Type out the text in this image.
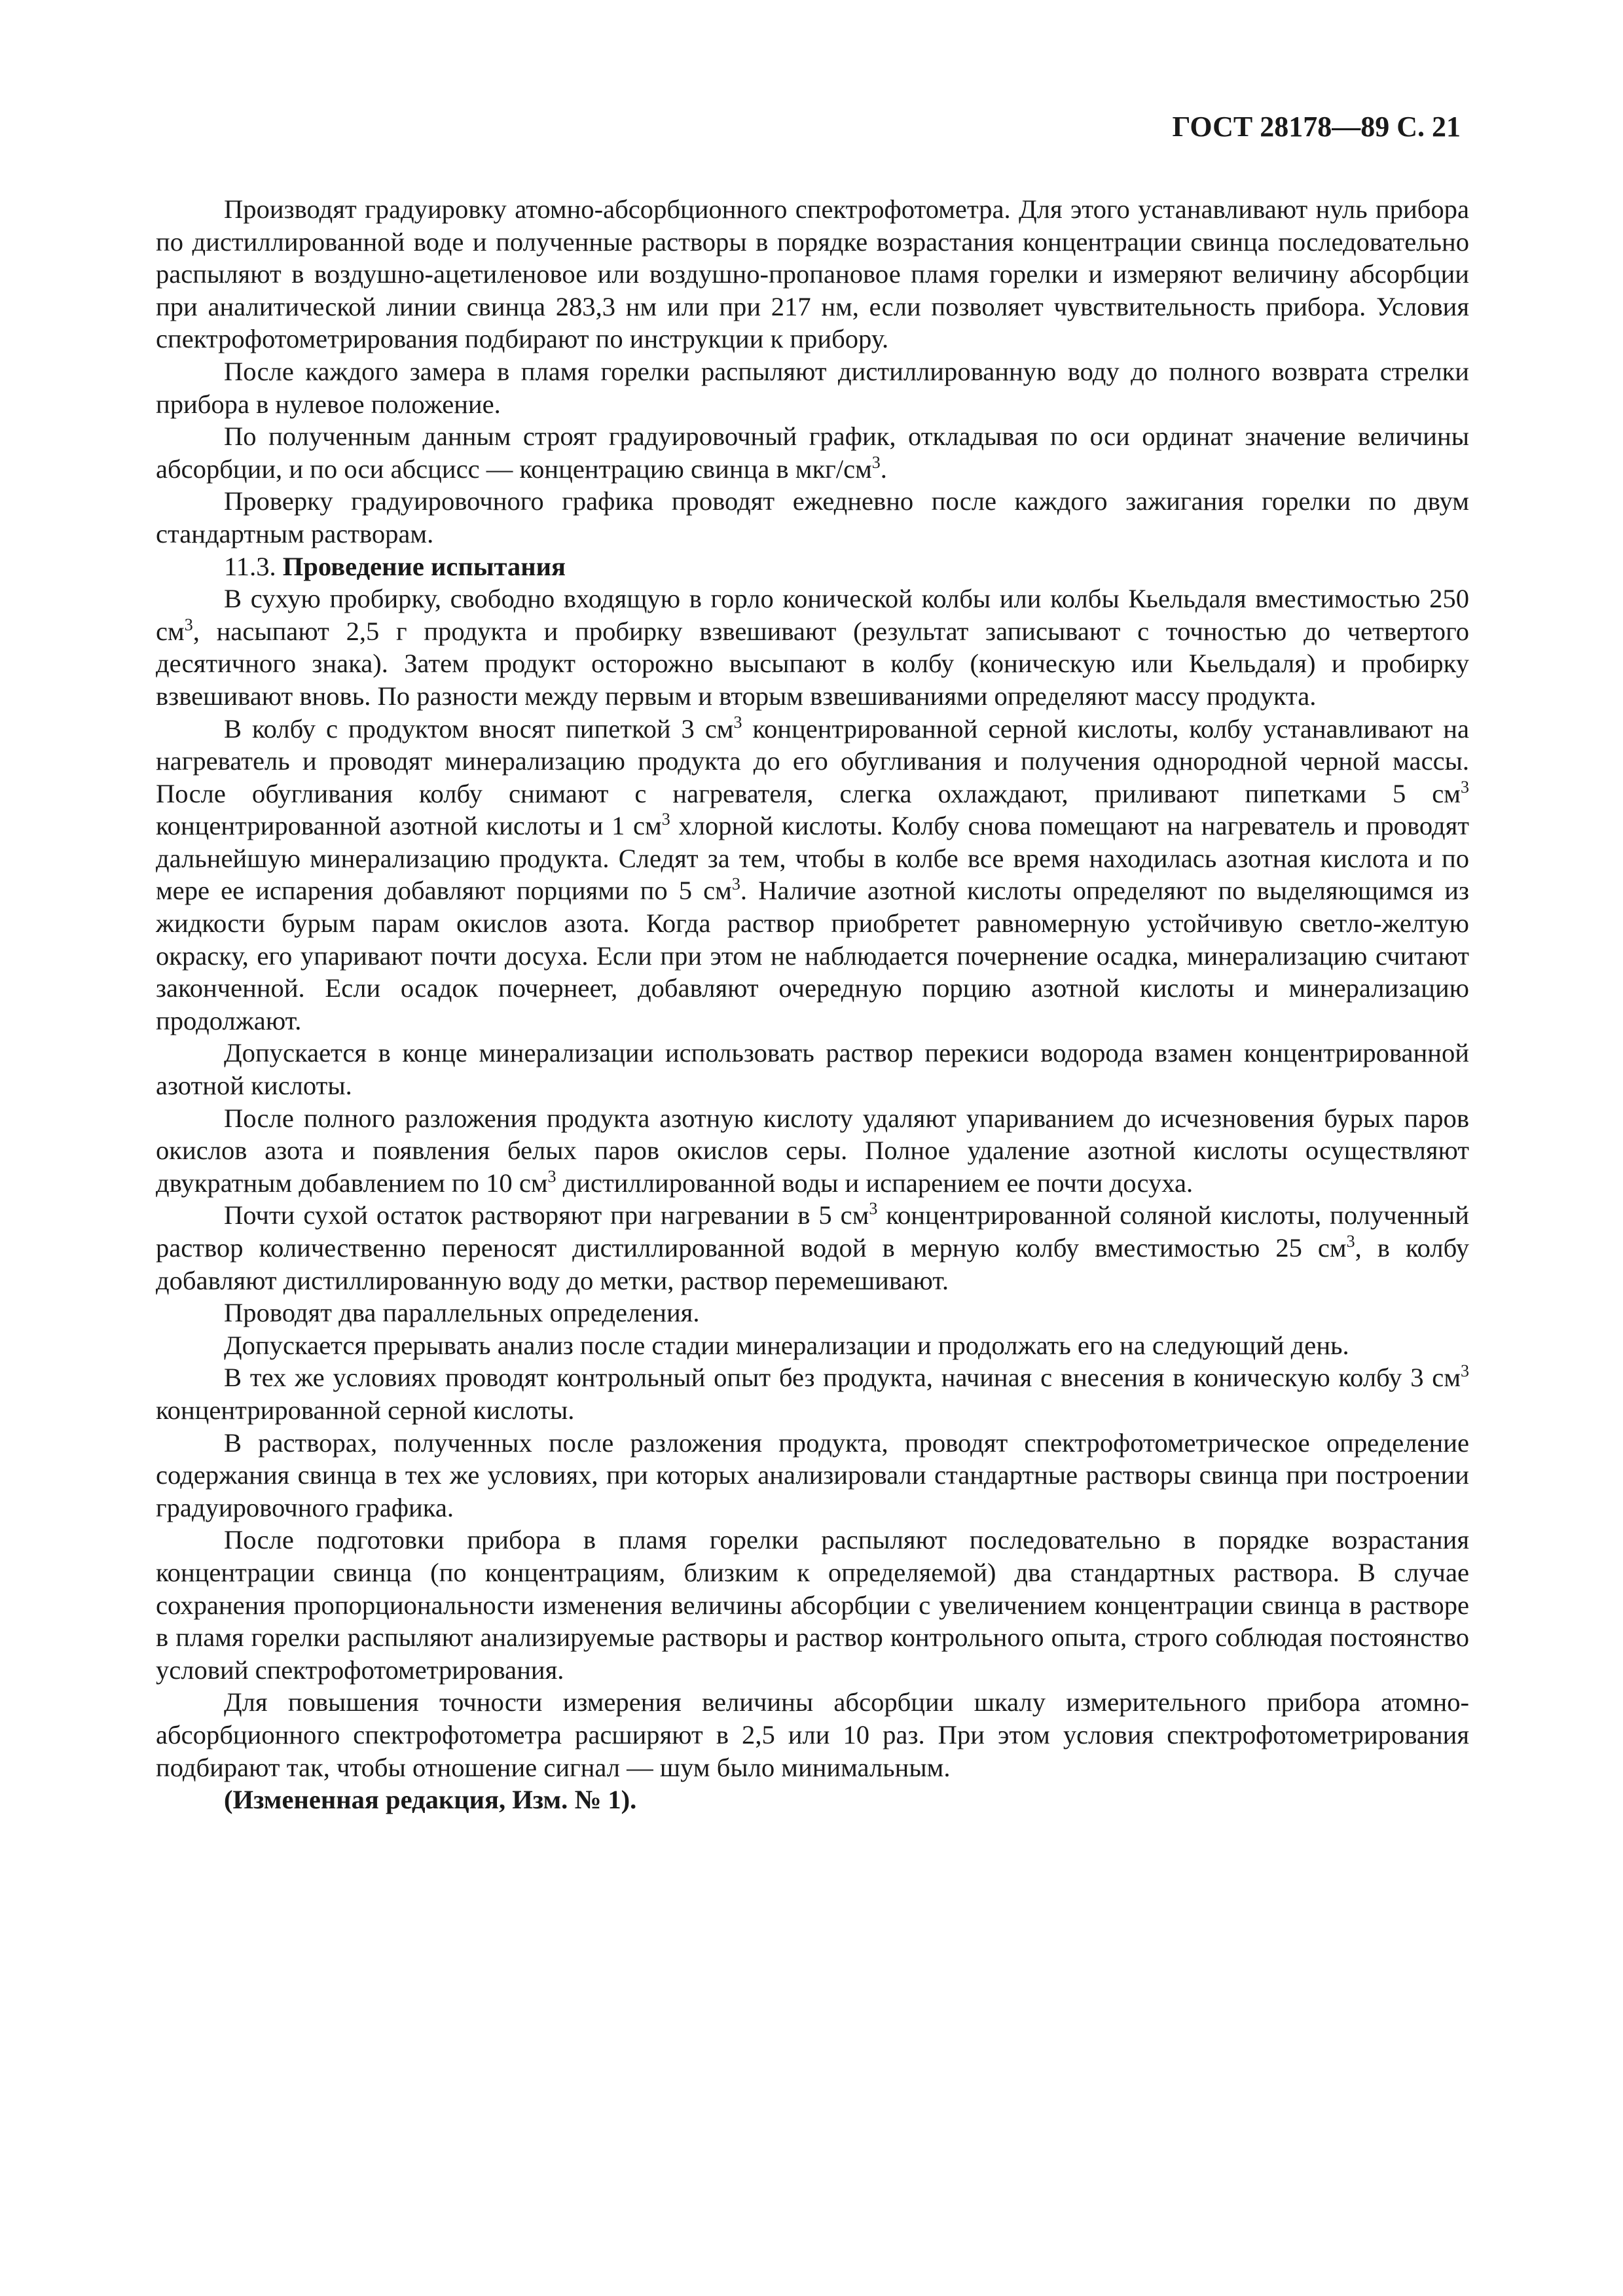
ГОСТ 28178—89 С. 21

Производят градуировку атомно-абсорбционного спектрофотометра. Для этого устанавливают нуль прибора по дистиллированной воде и полученные растворы в порядке возрастания концентрации свинца последовательно распыляют в воздушно-ацетиленовое или воздушно-пропановое пламя горелки и измеряют величину абсорбции при аналитической линии свинца 283,3 нм или при 217 нм, если позволяет чувствительность прибора. Условия спектрофотометрирования подбирают по инструкции к прибору.

После каждого замера в пламя горелки распыляют дистиллированную воду до полного возврата стрелки прибора в нулевое положение.

По полученным данным строят градуировочный график, откладывая по оси ординат значение величины абсорбции, и по оси абсцисс — концентрацию свинца в мкг/$см^3$.

Проверку градуировочного графика проводят ежедневно после каждого зажигания горелки по двум стандартным растворам.

11.3. Проведение испытания

В сухую пробирку, свободно входящую в горло конической колбы или колбы Кьельдаля вместимостью 250 $см^3$, насыпают 2,5 г продукта и пробирку взвешивают (результат записывают с точностью до четвертого десятичного знака). Затем продукт осторожно высыпают в колбу (коническую или Кьельдаля) и пробирку взвешивают вновь. По разности между первым и вторым взвешиваниями определяют массу продукта.

В колбу с продуктом вносят пипеткой 3 $см^3$ концентрированной серной кислоты, колбу устанавливают на нагреватель и проводят минерализацию продукта до его обугливания и получения однородной черной массы. После обугливания колбу снимают с нагревателя, слегка охлаждают, приливают пипетками 5 $см^3$ концентрированной азотной кислоты и 1 $см^3$ хлорной кислоты. Колбу снова помещают на нагреватель и проводят дальнейшую минерализацию продукта. Следят за тем, чтобы в колбе все время находилась азотная кислота и по мере ее испарения добавляют порциями по 5 $см^3$. Наличие азотной кислоты определяют по выделяющимся из жидкости бурым парам окислов азота. Когда раствор приобретет равномерную устойчивую светло-желтую окраску, его упаривают почти досуха. Если при этом не наблюдается почернение осадка, минерализацию считают законченной. Если осадок почернеет, добавляют очередную порцию азотной кислоты и минерализацию продолжают.

Допускается в конце минерализации использовать раствор перекиси водорода взамен концентрированной азотной кислоты.

После полного разложения продукта азотную кислоту удаляют упариванием до исчезновения бурых паров окислов азота и появления белых паров окислов серы. Полное удаление азотной кислоты осуществляют двукратным добавлением по 10 $см^3$ дистиллированной воды и испарением ее почти досуха.

Почти сухой остаток растворяют при нагревании в 5 $см^3$ концентрированной соляной кислоты, полученный раствор количественно переносят дистиллированной водой в мерную колбу вместимостью 25 $см^3$, в колбу добавляют дистиллированную воду до метки, раствор перемешивают.

Проводят два параллельных определения.

Допускается прерывать анализ после стадии минерализации и продолжать его на следующий день.

В тех же условиях проводят контрольный опыт без продукта, начиная с внесения в коническую колбу 3 $см^3$ концентрированной серной кислоты.

В растворах, полученных после разложения продукта, проводят спектрофотометрическое определение содержания свинца в тех же условиях, при которых анализировали стандартные растворы свинца при построении градуировочного графика.

После подготовки прибора в пламя горелки распыляют последовательно в порядке возрастания концентрации свинца (по концентрациям, близким к определяемой) два стандартных раствора. В случае сохранения пропорциональности изменения величины абсорбции с увеличением концентрации свинца в растворе в пламя горелки распыляют анализируемые растворы и раствор контрольного опыта, строго соблюдая постоянство условий спектрофотометрирования.

Для повышения точности измерения величины абсорбции шкалу измерительного прибора атомно-абсорбционного спектрофотометра расширяют в 2,5 или 10 раз. При этом условия спектрофотометрирования подбирают так, чтобы отношение сигнал — шум было минимальным.

(Измененная редакция, Изм. № 1).
